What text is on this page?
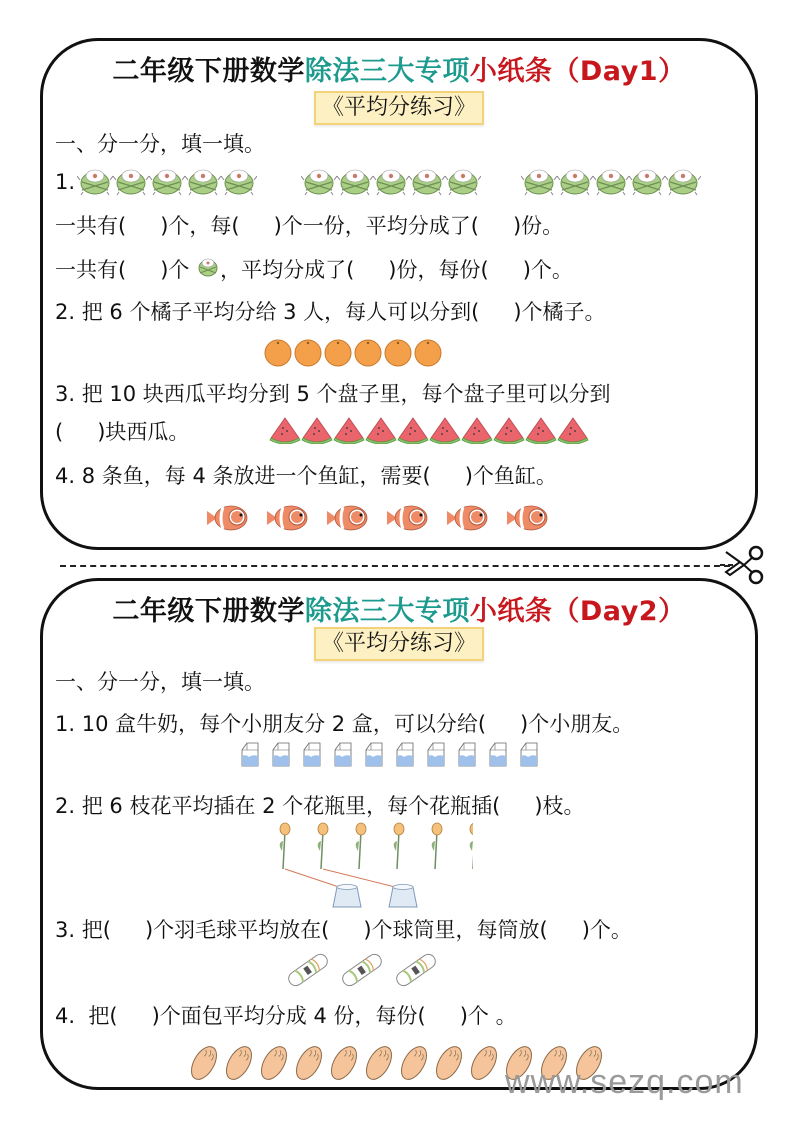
二年级下册数学除法三大专项小纸条（Day1）
《平均分练习》
一、分一分，填一填。
1.
一共有( )个，每( )个一份，平均分成了( )份。
一共有( )个 ，平均分成了( )份，每份( )个。
2. 把 6 个橘子平均分给 3 人，每人可以分到( )个橘子。
3. 把 10 块西瓜平均分到 5 个盘子里，每个盘子里可以分到
( )块西瓜。
4. 8 条鱼，每 4 条放进一个鱼缸，需要( )个鱼缸。
二年级下册数学除法三大专项小纸条（Day2）
《平均分练习》
一、分一分，填一填。
1. 10 盒牛奶，每个小朋友分 2 盒，可以分给( )个小朋友。
2. 把 6 枝花平均插在 2 个花瓶里，每个花瓶插( )枝。
3. 把( )个羽毛球平均放在( )个球筒里，每筒放( )个。
4. 把( )个面包平均分成 4 份，每份( )个 。
www.sezq.com
